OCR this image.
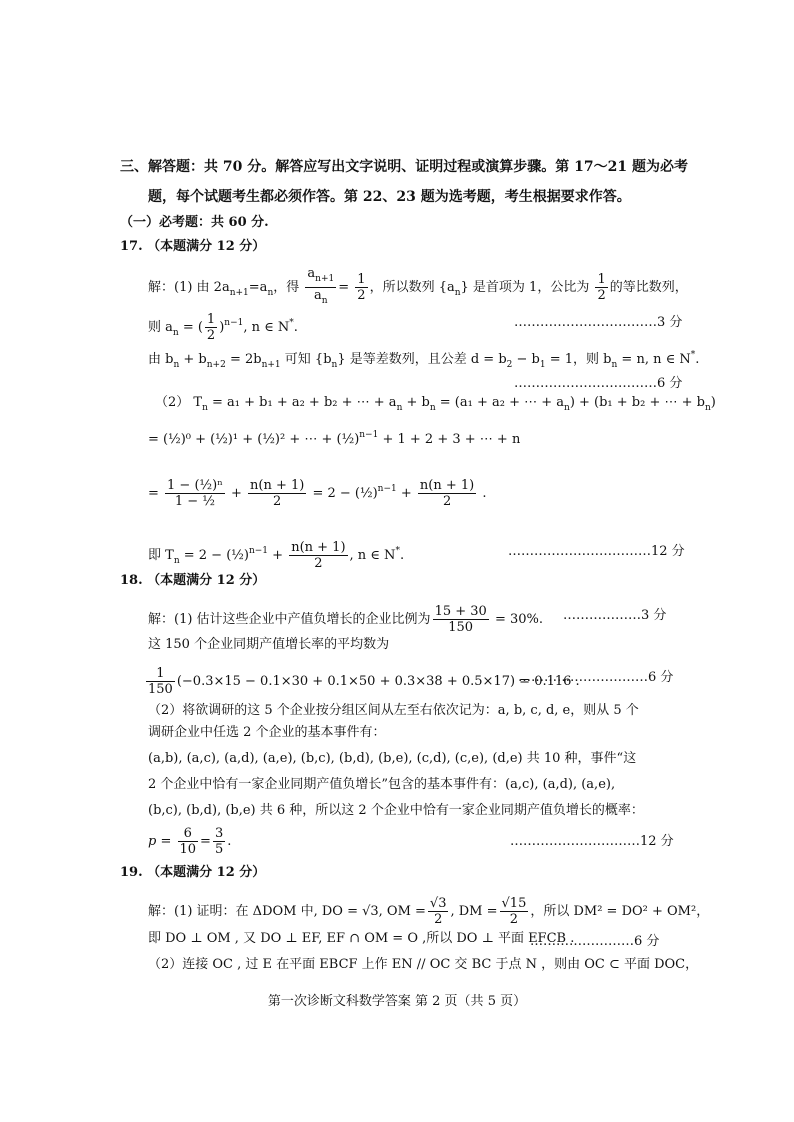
三、解答题：共 70 分。解答应写出文字说明、证明过程或演算步骤。第 17～21 题为必考
题，每个试题考生都必须作答。第 22、23 题为选考题，考生根据要求作答。
（一）必考题：共 60 分.
17. （本题满分 12 分）
解：(1) 由 $2a_{n+1}=a_n$，得 $\frac{a_{n+1}}{a_n} = \frac{1}{2}$ ，所以数列 $\{a_n\}$ 是首项为 1，公比为 $\frac{1}{2}$ 的等比数列，
则 $a_n$ = ( $\frac{1}{2} )^{n-1}$, n ∈ N*.	……………………………3 分
由 $b_n + b_{n+2} = 2b_{n+1}$ 可知 $\{b_n\}$ 是等差数列，且公差 $d = b_2 - b_1 = 1$，则 $b_n = n$, n ∈ N*.
……………………………6 分
（2） $T_n = a_1 + b_1 + a_2 + b_2$ + ⋯ + $a_n + b_n = (a_1 + a_2$ + ⋯ + $a_n) + (b_1 + b_2$ + ⋯ + $b_n$)
= (½)⁰ + (½)¹ + (½)² + ⋯ + (½)$^{n-1}$ + 1 + 2 + 3 + ⋯ + n
= $\frac{\text{1 − (½)ⁿ}}{\text{1 − ½}} + \frac{n(n + 1)}{2} = 2$ − (½)$^{n-1}$ + $\frac{n(n + 1)}{2}$ .
即 $T_n = 2$ − (½)$^{n-1}$ + $\frac{n(n + 1)}{2}$ , n ∈ N*.	……………………………12 分
18. （本题满分 12 分）
解：(1) 估计这些企业中产值负增长的企业比例为 $\frac{15 + 30}{150} = 30\%$. ………………3 分
这 150 个企业同期产值增长率的平均数为
$\frac{1}{150} (-0.3\times 15 - 0.1\times 30 + 0.1\times 50 + 0.3\times 38 + 0.5\times 17) = 0.116$ .
…………………………6 分
（2）将欲调研的这 5 个企业按分组区间从左至右依次记为：a, b, c, d, e，则从 5 个
调研企业中任选 2 个企业的基本事件有：
(a,b), (a,c), (a,d), (a,e), (b,c), (b,d), (b,e), (c,d), (c,e), (d,e) 共 10 种，事件“这
2 个企业中恰有一家企业同期产值负增长”包含的基本事件有：(a,c), (a,d), (a,e),
(b,c), (b,d), (b,e) 共 6 种，所以这 2 个企业中恰有一家企业同期产值负增长的概率：
$p = \frac{6}{10} = \frac{3}{5}$ .	…………………………12 分
19. （本题满分 12 分）
解：(1) 证明：在 ΔDOM 中, DO = √3, OM = $\frac{√3}{2}$ , DM = $\frac{√15}{2}$ ，所以 DM² = DO² + OM²，
即 DO ⊥ OM , 又 DO ⊥ EF, EF ∩ OM = O ,所以 DO ⊥ 平面 EFCB .
……………………6 分
（2）连接 OC , 过 E 在平面 EBCF 上作 EN // OC 交 BC 于点 N ，则由 OC ⊂ 平面 DOC，
第一次诊断文科数学答案 第 2 页（共 5 页）
